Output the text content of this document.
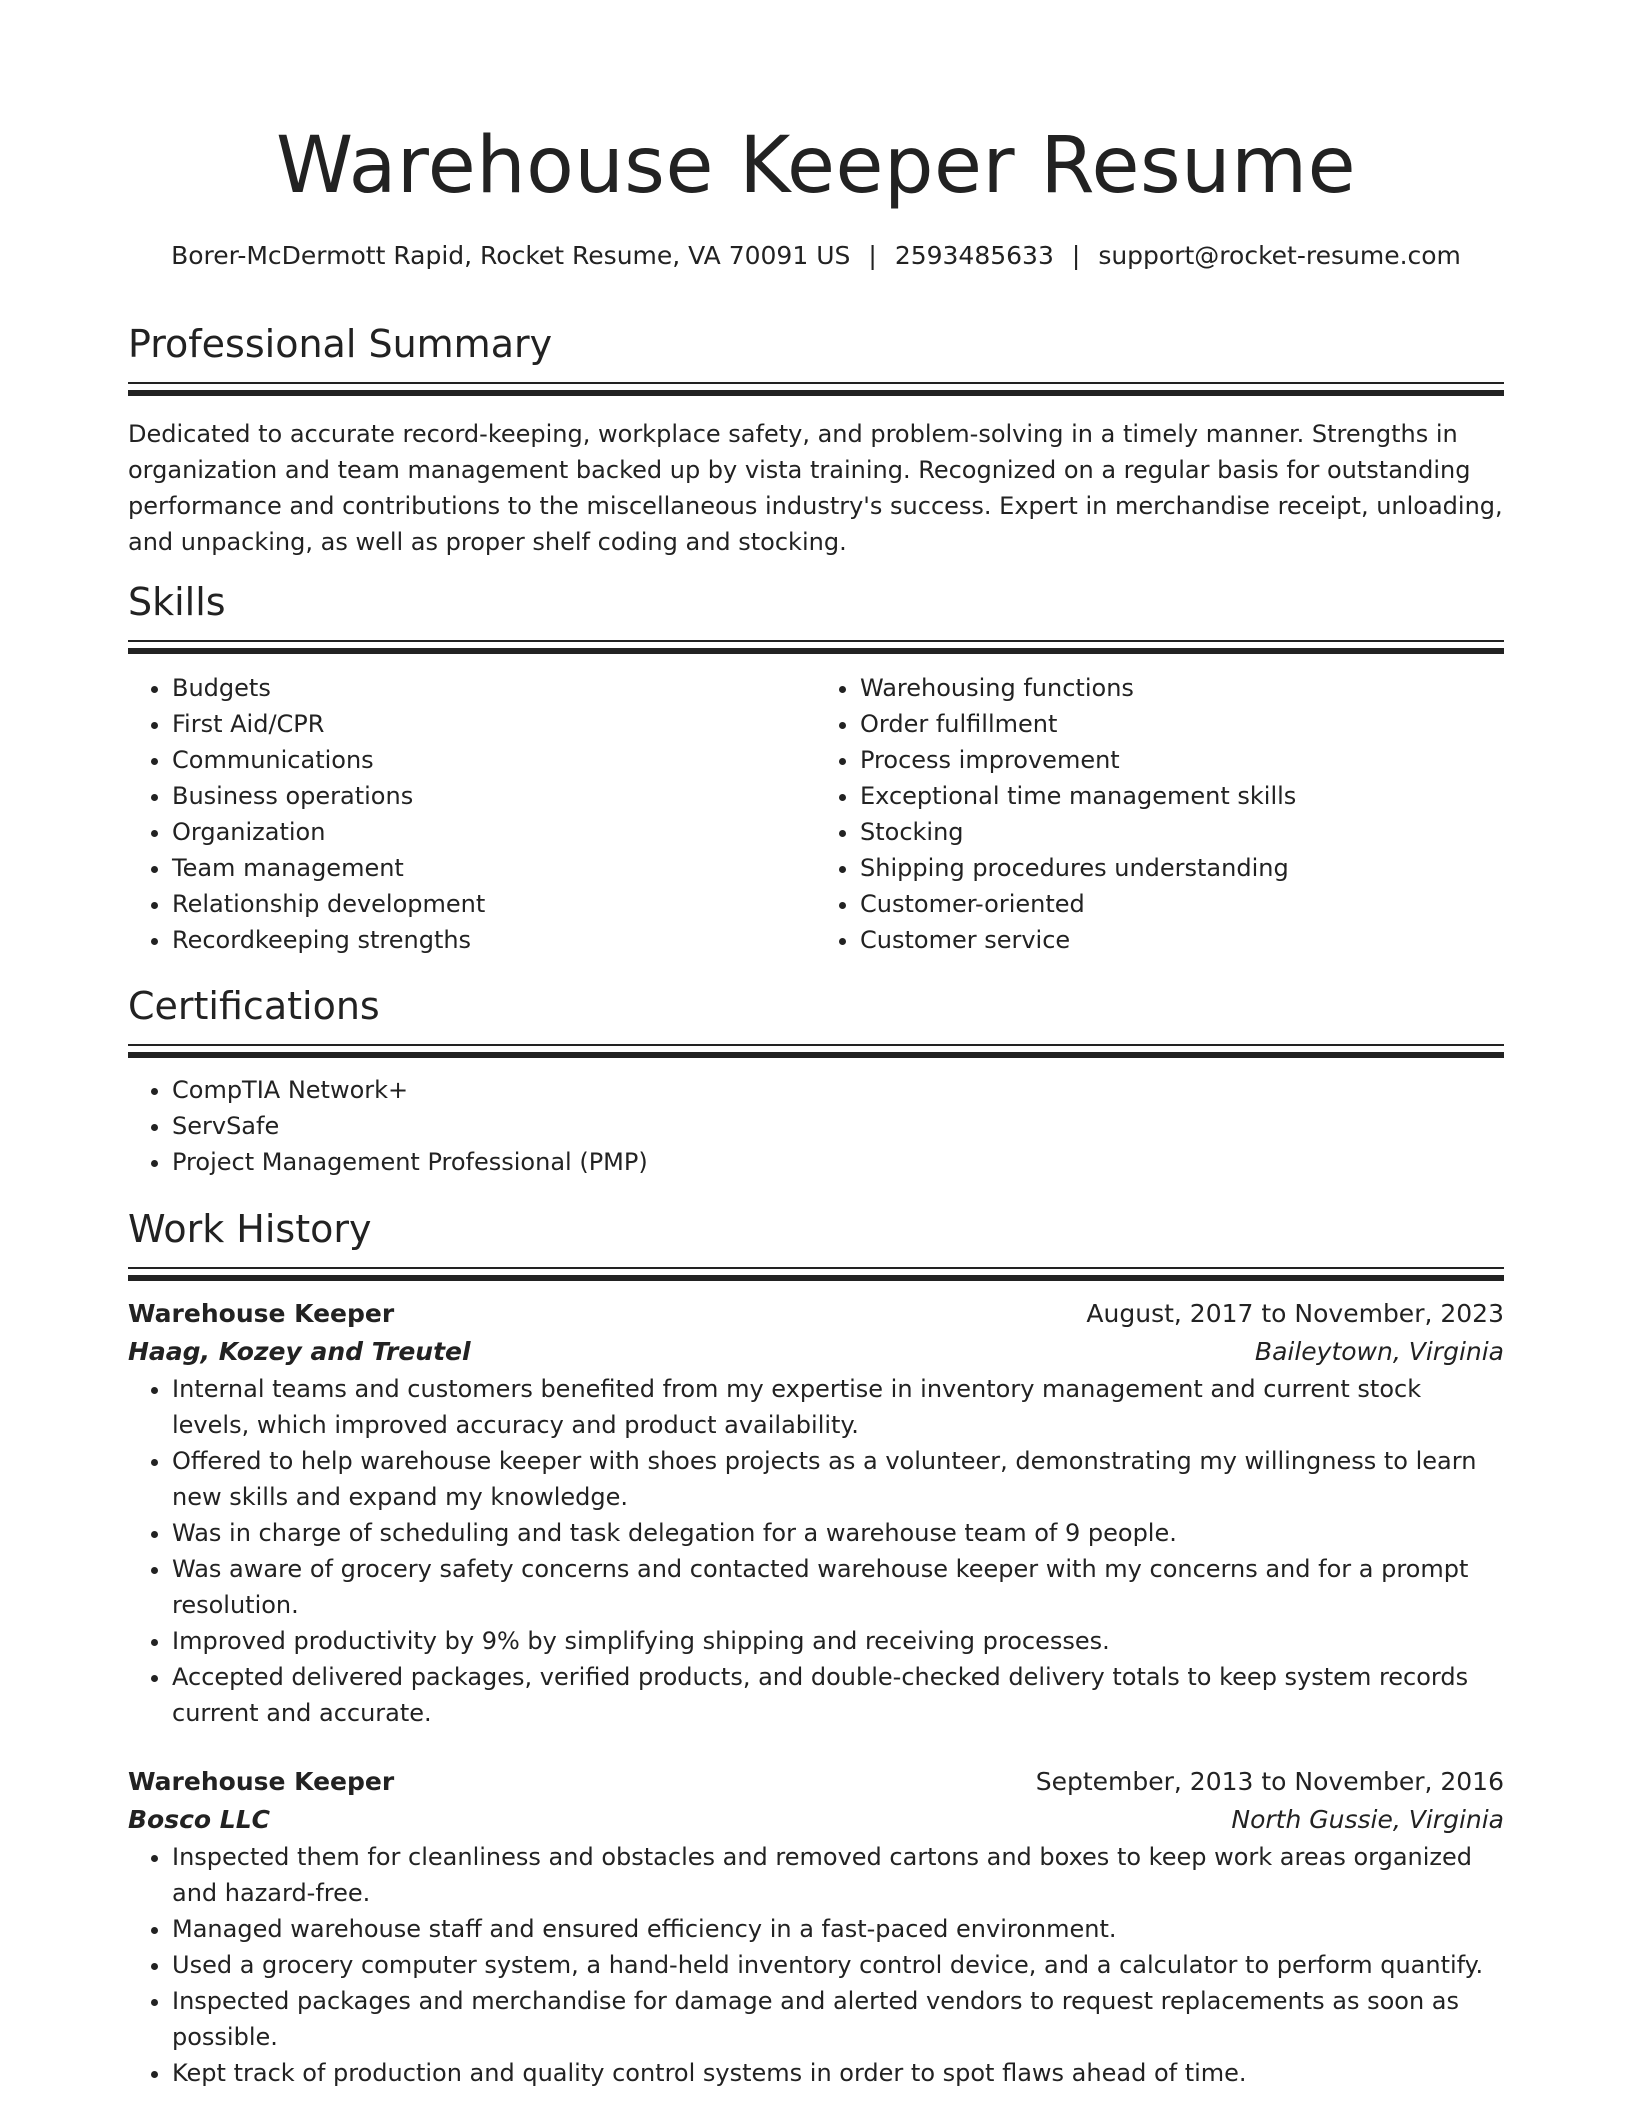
Warehouse Keeper Resume
Borer-McDermott Rapid, Rocket Resume, VA 70091 US | 2593485633 | support@rocket-resume.com
Professional Summary

Dedicated to accurate record-keeping, workplace safety, and problem-solving in a timely manner. Strengths in organization and team management backed up by vista training. Recognized on a regular basis for outstanding performance and contributions to the miscellaneous industry's success. Expert in merchandise receipt, unloading, and unpacking, as well as proper shelf coding and stocking.

Skills
• Budgets
• First Aid/CPR
• Communications
• Business operations
• Organization
• Team management
• Relationship development
• Recordkeeping strengths
• Warehousing functions
• Order fulfillment
• Process improvement
• Exceptional time management skills
• Stocking
• Shipping procedures understanding
• Customer-oriented
• Customer service
Certifications
• CompTIA Network+
• ServSafe
• Project Management Professional (PMP)
Work History
Warehouse Keeper	August, 2017 to November, 2023
Haag, Kozey and Treutel	Baileytown, Virginia
• Internal teams and customers benefited from my expertise in inventory management and current stock levels, which improved accuracy and product availability.
• Offered to help warehouse keeper with shoes projects as a volunteer, demonstrating my willingness to learn new skills and expand my knowledge.
• Was in charge of scheduling and task delegation for a warehouse team of 9 people.
• Was aware of grocery safety concerns and contacted warehouse keeper with my concerns and for a prompt resolution.
• Improved productivity by 9% by simplifying shipping and receiving processes.
• Accepted delivered packages, verified products, and double-checked delivery totals to keep system records current and accurate.
Warehouse Keeper	September, 2013 to November, 2016
Bosco LLC	North Gussie, Virginia
• Inspected them for cleanliness and obstacles and removed cartons and boxes to keep work areas organized and hazard-free.
• Managed warehouse staff and ensured efficiency in a fast-paced environment.
• Used a grocery computer system, a hand-held inventory control device, and a calculator to perform quantify.
• Inspected packages and merchandise for damage and alerted vendors to request replacements as soon as possible.
• Kept track of production and quality control systems in order to spot flaws ahead of time.
